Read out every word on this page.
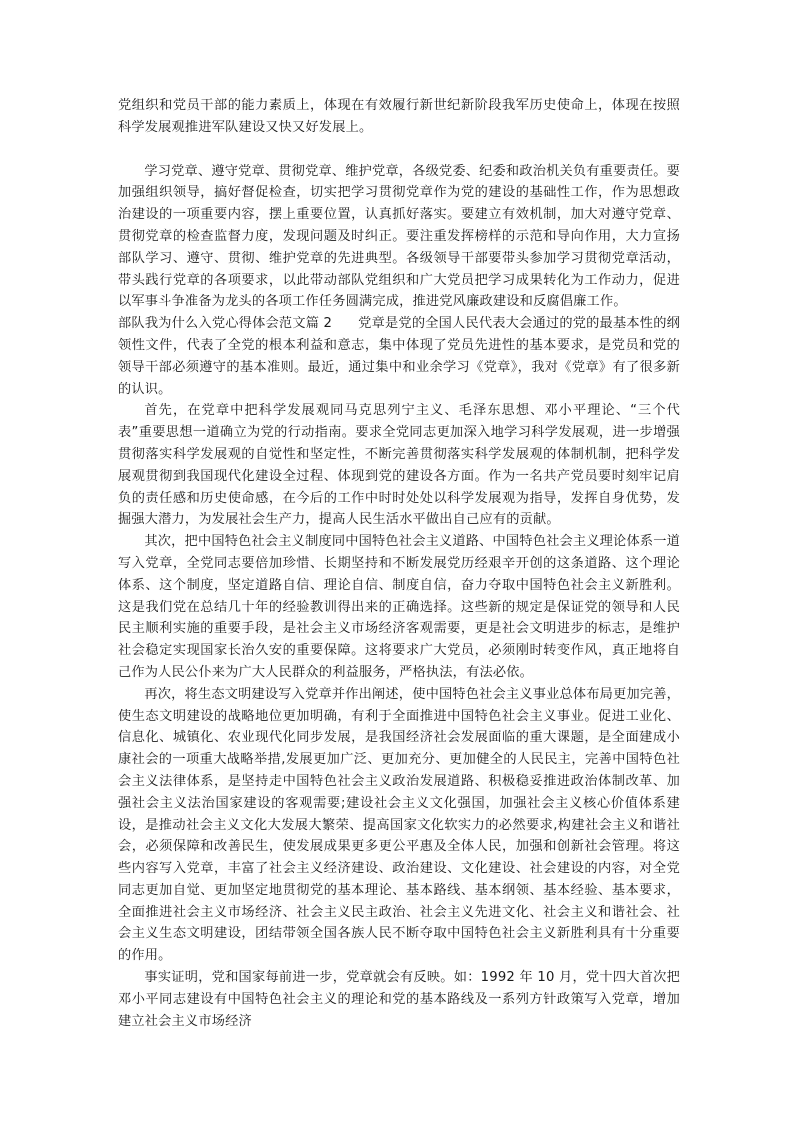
党组织和党员干部的能力素质上，体现在有效履行新世纪新阶段我军历史使命上，体现在按照科学发展观推进军队建设又快又好发展上。

学习党章、遵守党章、贯彻党章、维护党章，各级党委、纪委和政治机关负有重要责任。要加强组织领导，搞好督促检查，切实把学习贯彻党章作为党的建设的基础性工作，作为思想政治建设的一项重要内容，摆上重要位置，认真抓好落实。要建立有效机制，加大对遵守党章、贯彻党章的检查监督力度，发现问题及时纠正。要注重发挥榜样的示范和导向作用，大力宣扬部队学习、遵守、贯彻、维护党章的先进典型。各级领导干部要带头参加学习贯彻党章活动，带头践行党章的各项要求，以此带动部队党组织和广大党员把学习成果转化为工作动力，促进以军事斗争准备为龙头的各项工作任务圆满完成，推进党风廉政建设和反腐倡廉工作。

部队我为什么入党心得体会范文篇 2 党章是党的全国人民代表大会通过的党的最基本性的纲领性文件，代表了全党的根本利益和意志，集中体现了党员先进性的基本要求，是党员和党的领导干部必须遵守的基本准则。最近，通过集中和业余学习《党章》，我对《党章》有了很多新的认识。

首先，在党章中把科学发展观同马克思列宁主义、毛泽东思想、邓小平理论、“三个代表”重要思想一道确立为党的行动指南。要求全党同志更加深入地学习科学发展观，进一步增强贯彻落实科学发展观的自觉性和坚定性，不断完善贯彻落实科学发展观的体制机制，把科学发展观贯彻到我国现代化建设全过程、体现到党的建设各方面。作为一名共产党员要时刻牢记肩负的责任感和历史使命感，在今后的工作中时时处处以科学发展观为指导，发挥自身优势，发掘强大潜力，为发展社会生产力，提高人民生活水平做出自己应有的贡献。

其次，把中国特色社会主义制度同中国特色社会主义道路、中国特色社会主义理论体系一道写入党章，全党同志要倍加珍惜、长期坚持和不断发展党历经艰辛开创的这条道路、这个理论体系、这个制度，坚定道路自信、理论自信、制度自信，奋力夺取中国特色社会主义新胜利。这是我们党在总结几十年的经验教训得出来的正确选择。这些新的规定是保证党的领导和人民民主顺利实施的重要手段，是社会主义市场经济客观需要，更是社会文明进步的标志，是维护社会稳定实现国家长治久安的重要保障。这将要求广大党员，必须刚时转变作风，真正地将自己作为人民公仆来为广大人民群众的利益服务，严格执法，有法必依。

再次，将生态文明建设写入党章并作出阐述，使中国特色社会主义事业总体布局更加完善，使生态文明建设的战略地位更加明确，有利于全面推进中国特色社会主义事业。促进工业化、信息化、城镇化、农业现代化同步发展，是我国经济社会发展面临的重大课题，是全面建成小康社会的一项重大战略举措,发展更加广泛、更加充分、更加健全的人民民主，完善中国特色社会主义法律体系，是坚持走中国特色社会主义政治发展道路、积极稳妥推进政治体制改革、加强社会主义法治国家建设的客观需要;建设社会主义文化强国，加强社会主义核心价值体系建设，是推动社会主义文化大发展大繁荣、提高国家文化软实力的必然要求,构建社会主义和谐社会，必须保障和改善民生，使发展成果更多更公平惠及全体人民，加强和创新社会管理。将这些内容写入党章，丰富了社会主义经济建设、政治建设、文化建设、社会建设的内容，对全党同志更加自觉、更加坚定地贯彻党的基本理论、基本路线、基本纲领、基本经验、基本要求，全面推进社会主义市场经济、社会主义民主政治、社会主义先进文化、社会主义和谐社会、社会主义生态文明建设，团结带领全国各族人民不断夺取中国特色社会主义新胜利具有十分重要的作用。

事实证明，党和国家每前进一步，党章就会有反映。如：1992 年 10 月，党十四大首次把邓小平同志建设有中国特色社会主义的理论和党的基本路线及一系列方针政策写入党章，增加建立社会主义市场经济
